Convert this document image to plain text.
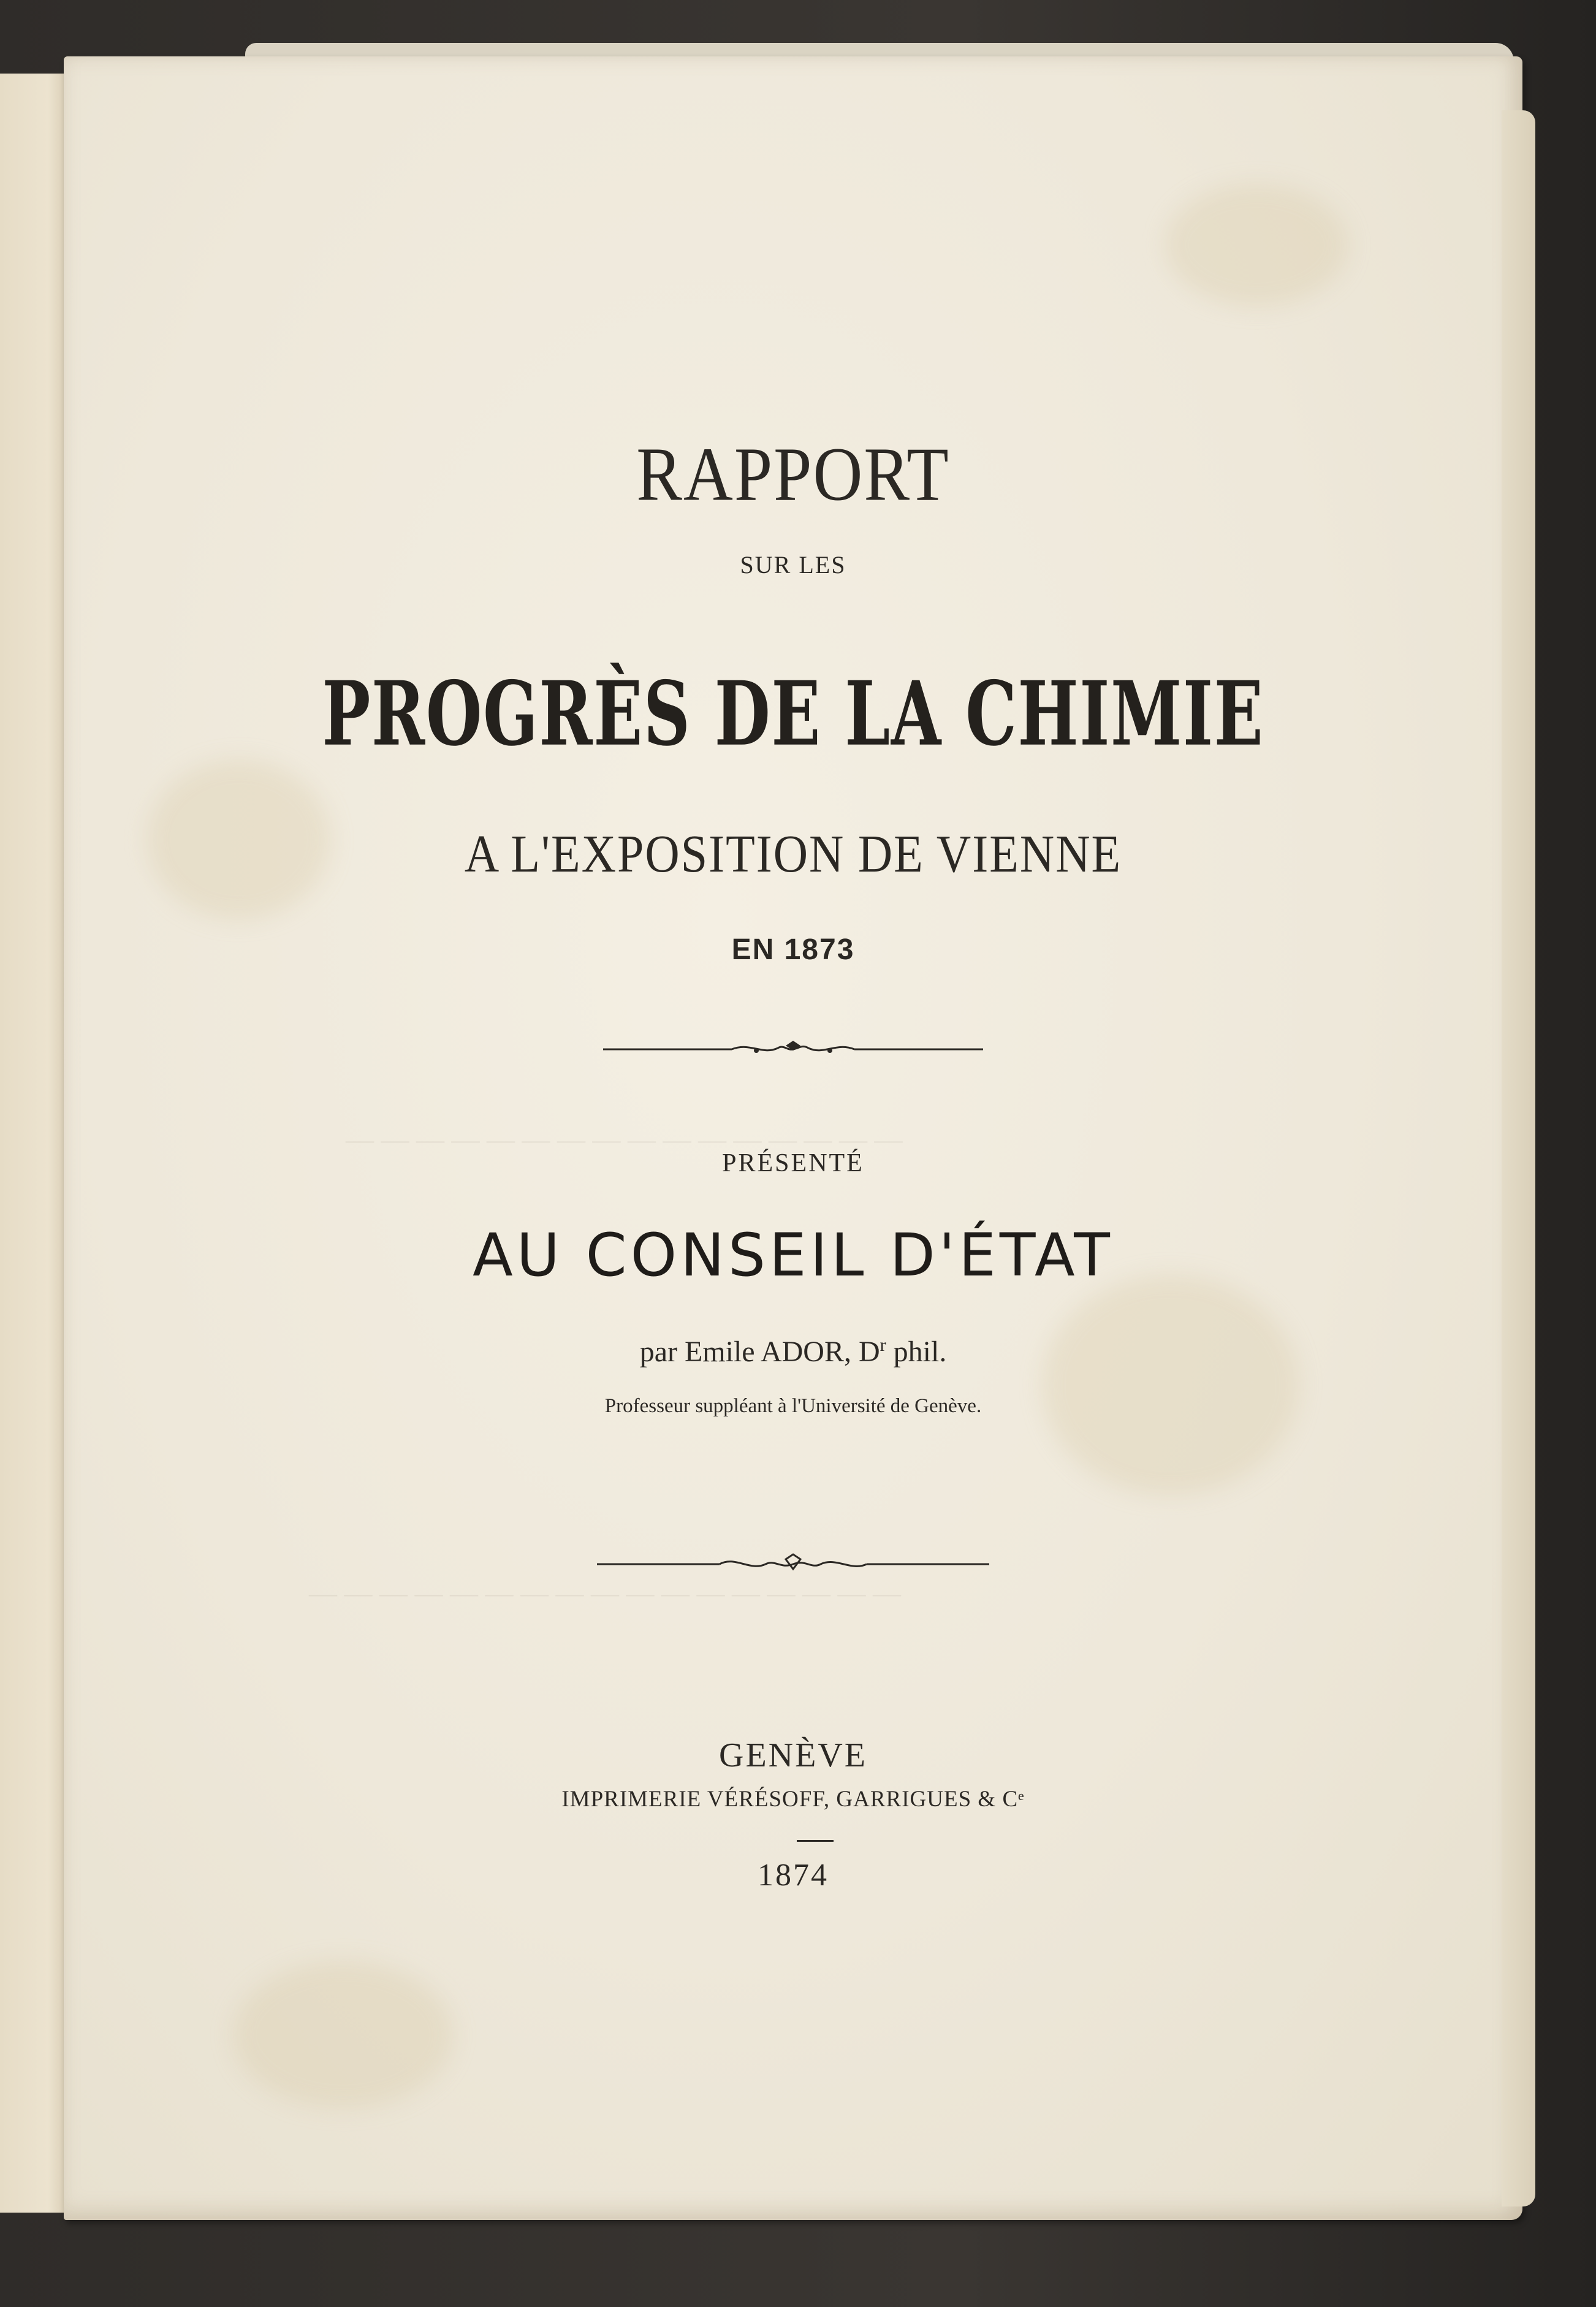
— — — — — — — — — — — — — — — —
— — — — — — — — — — — — — — — — —
RAPPORT
SUR LES
PROGRÈS DE LA CHIMIE
A L'EXPOSITION DE VIENNE
EN 1873
PRÉSENTÉ
AU CONSEIL D'ÉTAT
par Emile ADOR, $D^r$ phil.
Professeur suppléant à l'Université de Genève.
GENÈVE
IMPRIMERIE VÉRÉSOFF, GARRIGUES & Cᵉ
1874
